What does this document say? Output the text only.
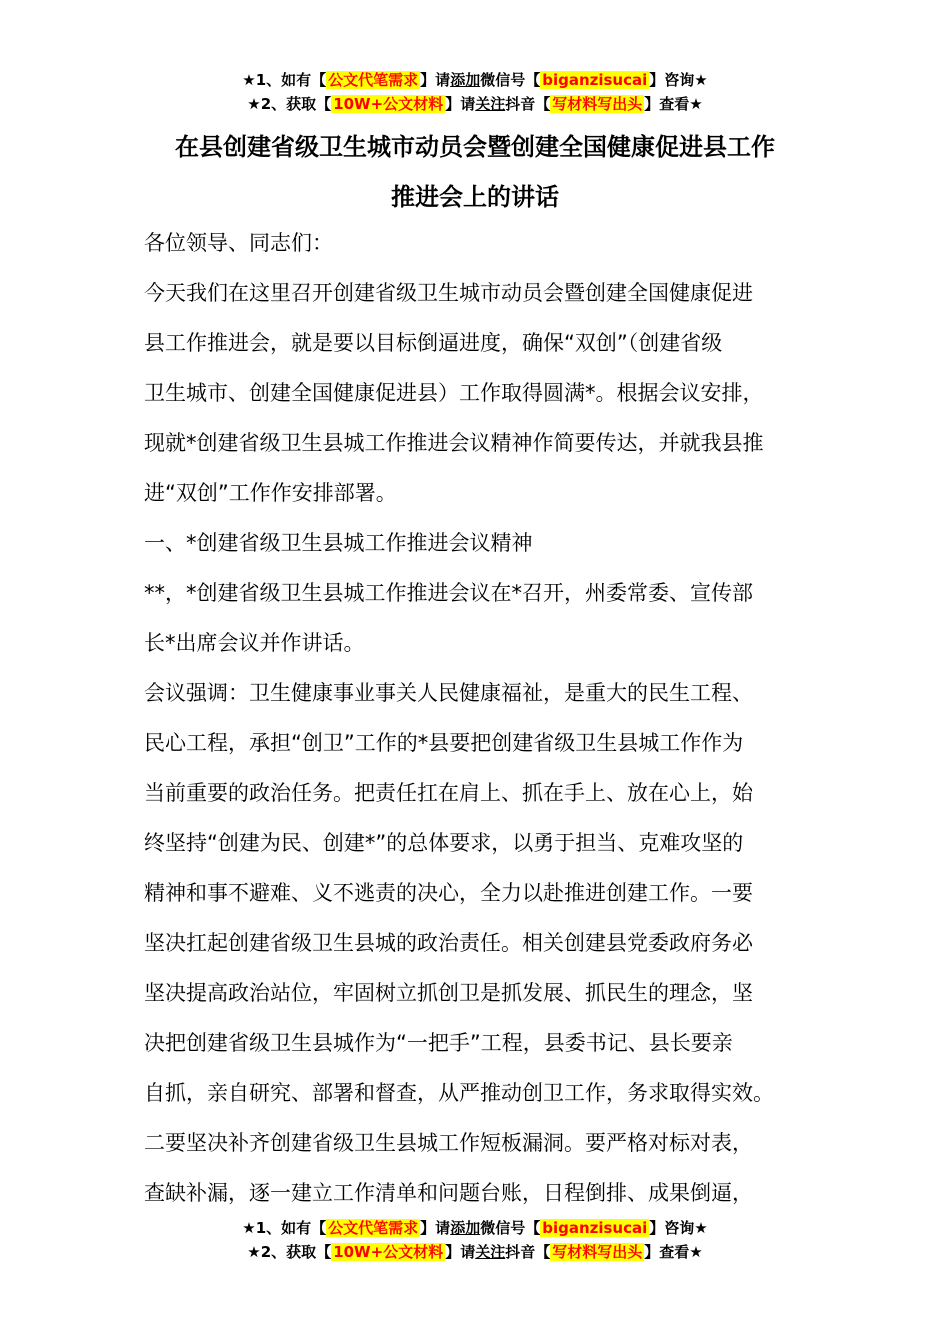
★1、如有【 公文代笔需求 】请添加微信号【 biganzisucai 】咨询★
★2、获取【 10W+公文材料 】请关注抖音【 写材料写出头 】查看★
在县创建省级卫生城市动员会暨创建全国健康促进县工作
推进会上的讲话

各位领导、同志们：

今天我们在这里召开创建省级卫生城市动员会暨创建全国健康促进

县工作推进会，就是要以目标倒逼进度，确保“双创”（创建省级

卫生城市、创建全国健康促进县）工作取得圆满*。根据会议安排，

现就*创建省级卫生县城工作推进会议精神作简要传达，并就我县推

进“双创”工作作安排部署。

一、*创建省级卫生县城工作推进会议精神

**，*创建省级卫生县城工作推进会议在*召开，州委常委、宣传部

长*出席会议并作讲话。

会议强调：卫生健康事业事关人民健康福祉，是重大的民生工程、

民心工程，承担“创卫”工作的*县要把创建省级卫生县城工作作为

当前重要的政治任务。把责任扛在肩上、抓在手上、放在心上，始

终坚持“创建为民、创建*”的总体要求，以勇于担当、克难攻坚的

精神和事不避难、义不逃责的决心，全力以赴推进创建工作。一要

坚决扛起创建省级卫生县城的政治责任。相关创建县党委政府务必

坚决提高政治站位，牢固树立抓创卫是抓发展、抓民生的理念，坚

决把创建省级卫生县城作为“一把手”工程，县委书记、县长要亲

自抓，亲自研究、部署和督查，从严推动创卫工作，务求取得实效。

二要坚决补齐创建省级卫生县城工作短板漏洞。要严格对标对表，

查缺补漏，逐一建立工作清单和问题台账，日程倒排、成果倒逼，

★1、如有【 公文代笔需求 】请添加微信号【 biganzisucai 】咨询★
★2、获取【 10W+公文材料 】请关注抖音【 写材料写出头 】查看★
